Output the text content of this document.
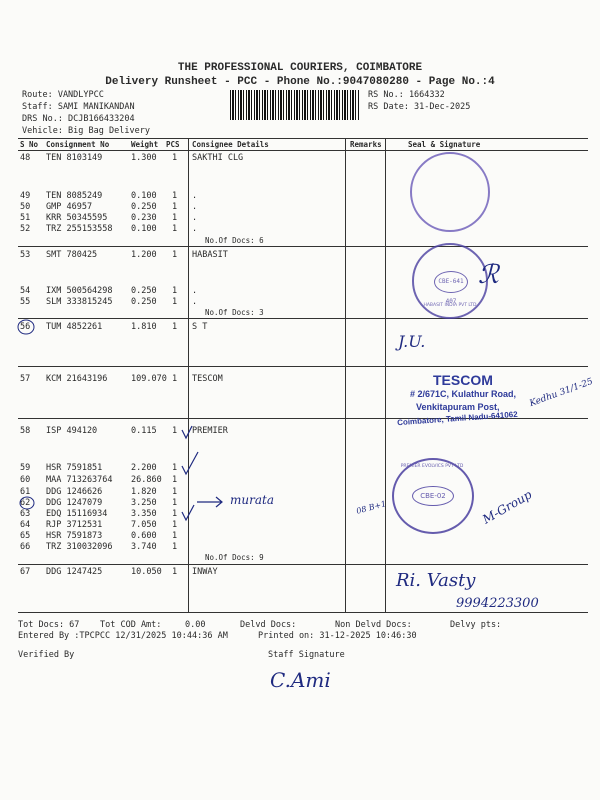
THE PROFESSIONAL COURIERS, COIMBATORE
Delivery Runsheet - PCC - Phone No.:9047080280 - Page No.:4
Route: VANDLYPCC
Staff: SAMI MANIKANDAN
DRS No.: DCJB166433204
Vehicle: Big Bag Delivery
RS No.: 1664332
RS Date: 31-Dec-2025
S No Consignment No	Weight PCS Consignee Details	Remarks	Seal & Signature
48 TEN 8103149	1.300 1 SAKTHI CLG
49 TEN 8085249	0.100 1 .
50 GMP 46957	0.250 1 .
51 KRR 50345595	0.230 1 .
52 TRZ 255153558 0.100 1 .
No.Of Docs: 6
53 SMT 780425	1.200 1 HABASIT
54 IXM 500564298 0.250 1 .
55 SLM 333815245 0.250 1 .
No.Of Docs: 3
56 TUM 4852261	1.810 1 S T
57 KCM 21643196	109.070 1 TESCOM
58 ISP 494120	0.115 1 PREMIER
59 HSR 7591851	2.200 1
60 MAA 713263764 26.860 1
61 DDG 1246626	1.820 1
62 DDG 1247079	3.250 1
63 EDQ 15116934	3.350 1
64 RJP 3712531	7.050 1
65 HSR 7591873	0.600 1
66 TRZ 310032096 3.740 1
No.Of Docs: 9
67 DDG 1247425	10.050 1 INWAY
murata	08 B+1
CBE-641 407
HABASIT INDIA PVT LTD
ℛ
J.U.
TESCOM
# 2/671C, Kulathur Road,
Venkitapuram Post,
Coimbatore, Tamil Nadu-641062
Kedhu 31/1-25
CBE-02
PREMIER EVOLVICS PVT LTD
M-Group
Ri. Vasty
9994223300
Tot Docs: 67 Tot COD Amt:	0.00	Delvd Docs:	Non Delvd Docs:	Delvy pts:
Entered By :TPCPCC 12/31/2025 10:44:36 AM	Printed on: 31-12-2025 10:46:30
Verified By	Staff Signature
C.Ami
